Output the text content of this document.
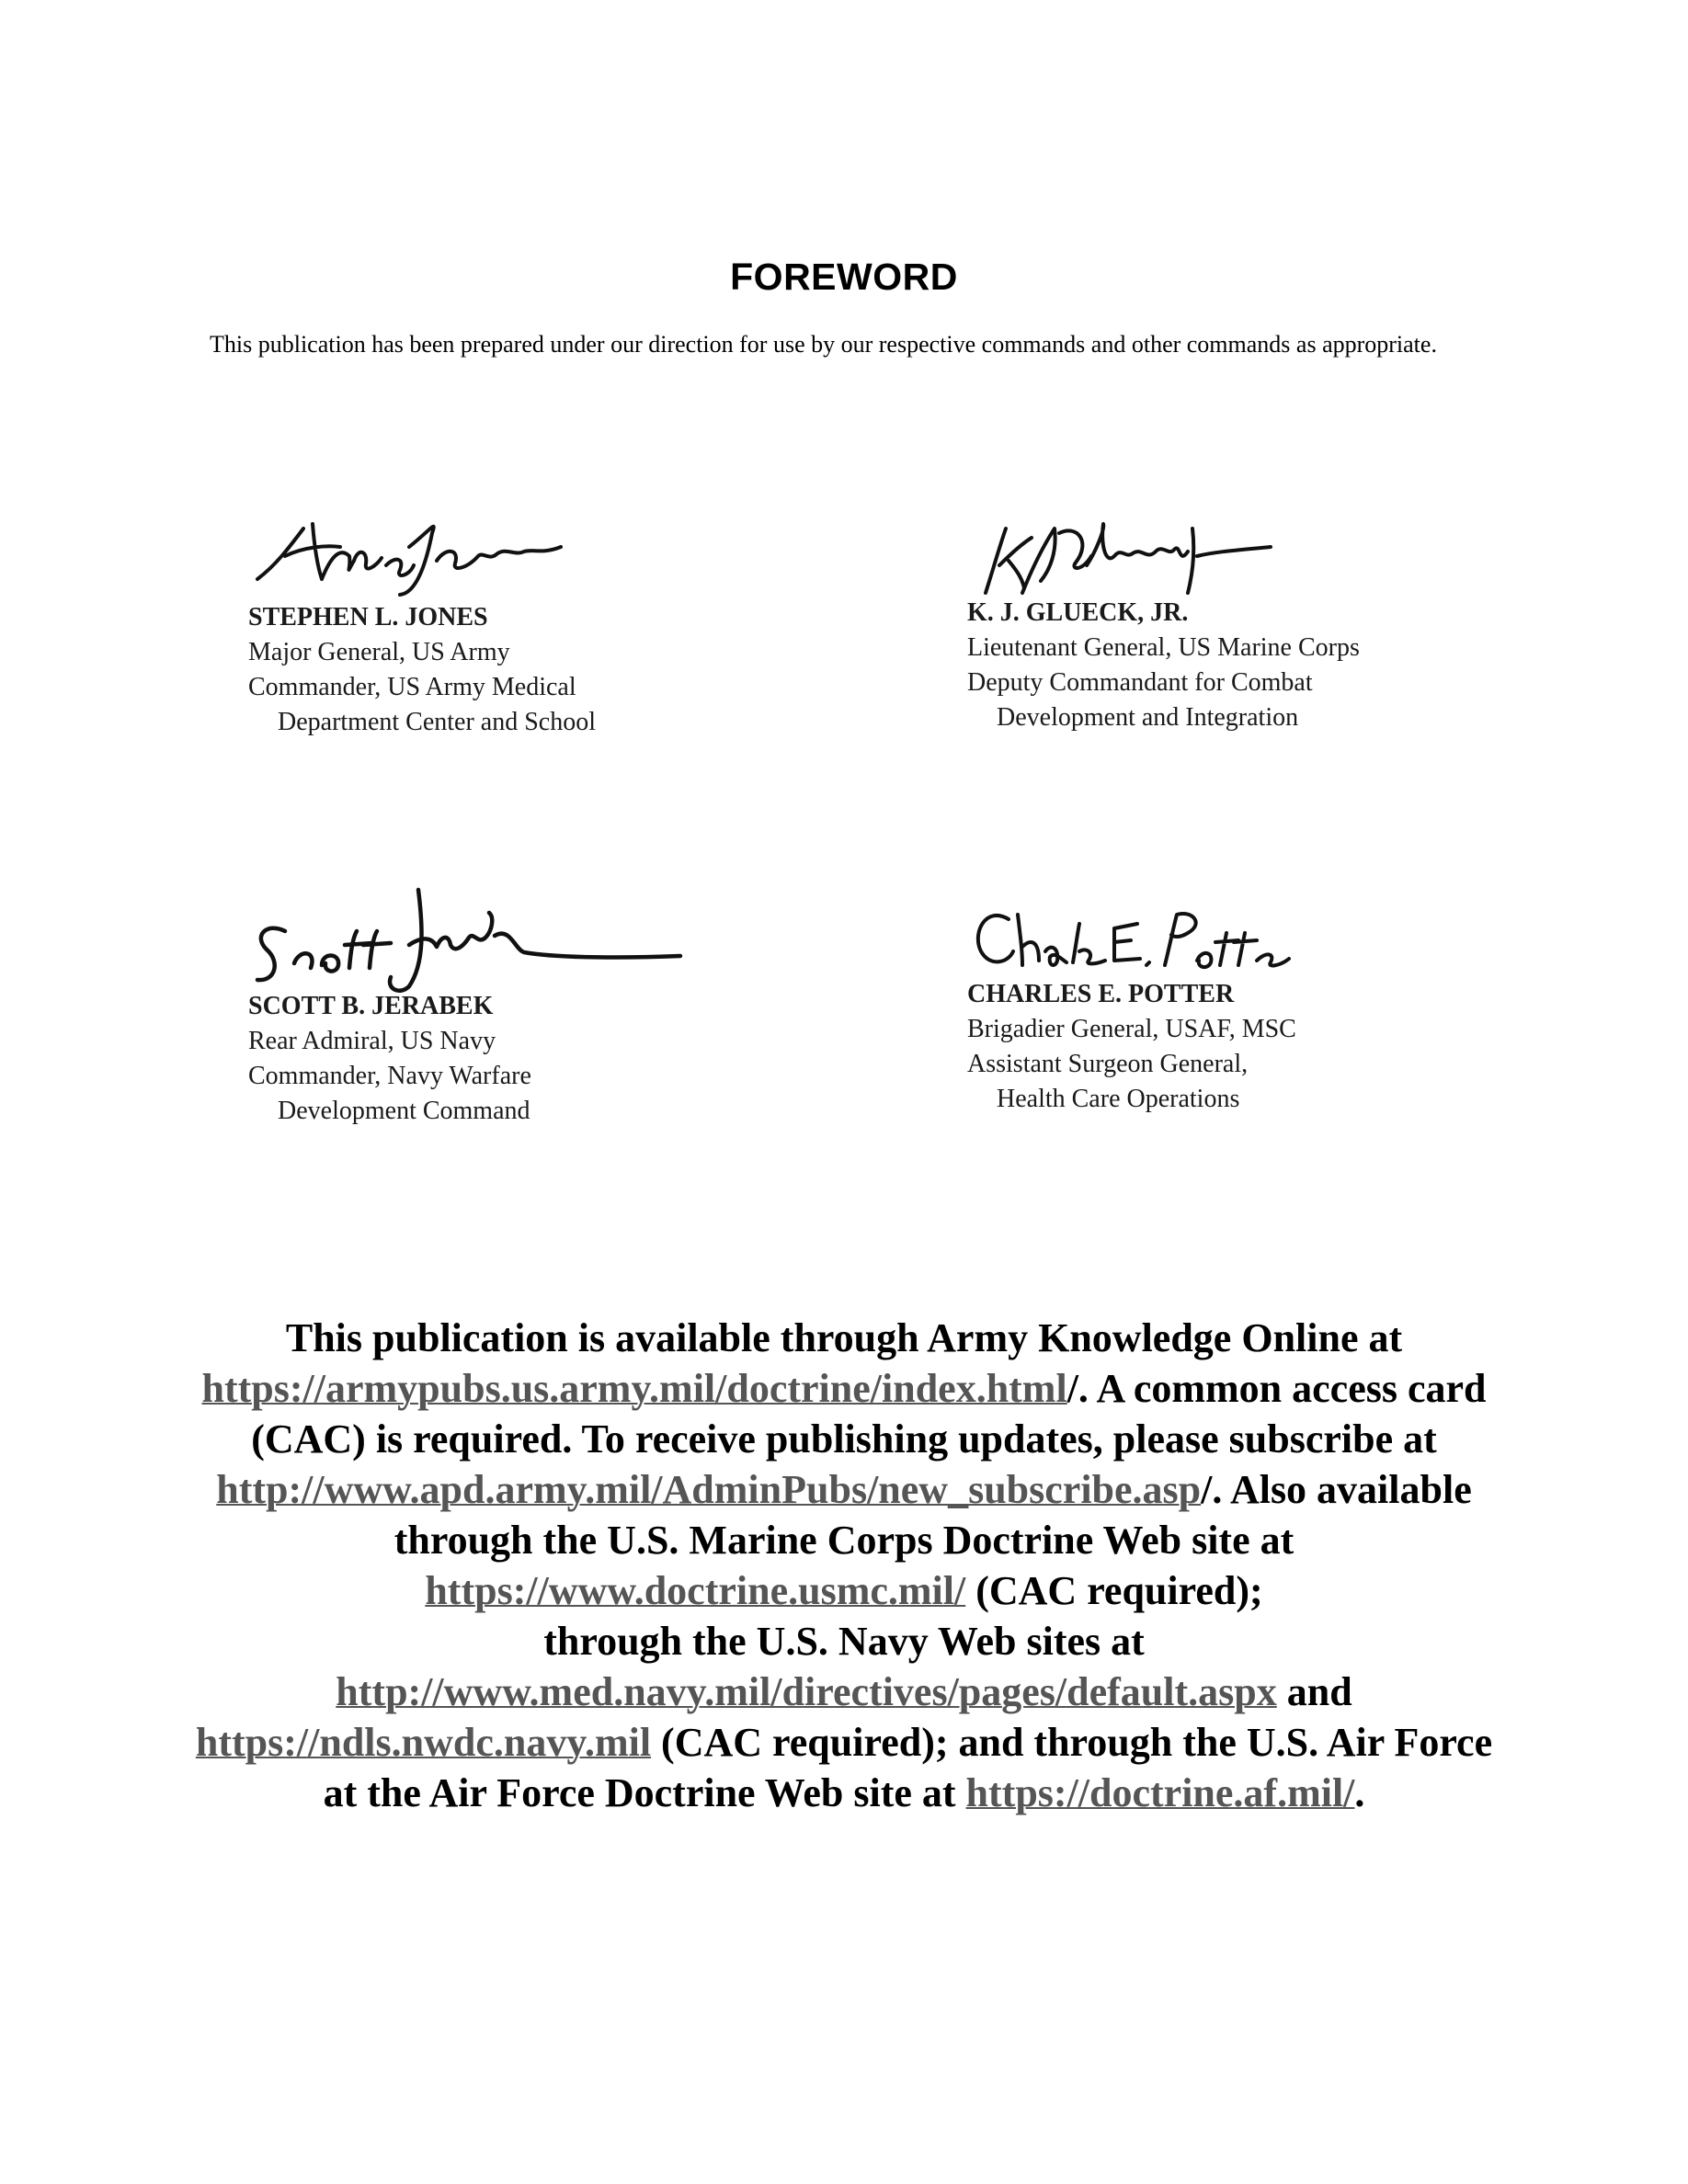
FOREWORD
This publication has been prepared under our direction for use by our respective commands and other commands as appropriate.
STEPHEN L. JONES
Major General, US Army
Commander, US Army Medical
Department Center and School
K. J. GLUECK, JR.
Lieutenant General, US Marine Corps
Deputy Commandant for Combat
Development and Integration
SCOTT B. JERABEK
Rear Admiral, US Navy
Commander, Navy Warfare
Development Command
CHARLES E. POTTER
Brigadier General, USAF, MSC
Assistant Surgeon General,
Health Care Operations
This publication is available through Army Knowledge Online at https://armypubs.us.army.mil/doctrine/index.html/. A common access card (CAC) is required. To receive publishing updates, please subscribe at http://www.apd.army.mil/AdminPubs/new_subscribe.asp/. Also available through the U.S. Marine Corps Doctrine Web site at https://www.doctrine.usmc.mil/ (CAC required);
through the U.S. Navy Web sites at
http://www.med.navy.mil/directives/pages/default.aspx and https://ndls.nwdc.navy.mil (CAC required); and through the U.S. Air Force at the Air Force Doctrine Web site at https://doctrine.af.mil/.
